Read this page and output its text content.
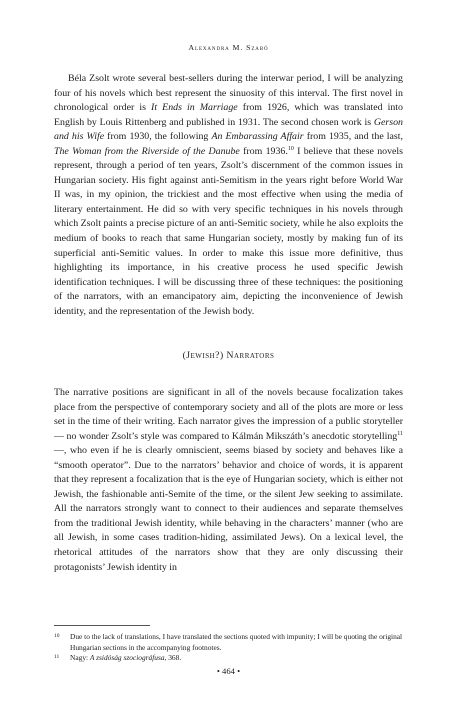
Alexandra M. Szabó

Béla Zsolt wrote several best-sellers during the interwar period, I will be analyzing four of his novels which best represent the sinuosity of this interval. The first novel in chronological order is It Ends in Marriage from 1926, which was translated into English by Louis Rittenberg and published in 1931. The second chosen work is Gerson and his Wife from 1930, the following An Embarassing Affair from 1935, and the last, The Woman from the Riverside of the Danube from 1936.10 I believe that these novels represent, through a period of ten years, Zsolt’s discernment of the common issues in Hungarian society. His fight against anti-Semitism in the years right before World War II was, in my opinion, the trickiest and the most effective when using the media of literary entertainment. He did so with very specific techniques in his novels through which Zsolt paints a precise picture of an anti-Semitic society, while he also exploits the medium of books to reach that same Hungarian society, mostly by making fun of its superficial anti-Semitic values. In order to make this issue more definitive, thus highlighting its importance, in his creative process he used specific Jewish identification techniques. I will be discussing three of these techniques: the positioning of the narrators, with an emancipatory aim, depicting the inconvenience of Jewish identity, and the representation of the Jewish body.

(Jewish?) Narrators

The narrative positions are significant in all of the novels because focalization takes place from the perspective of contemporary society and all of the plots are more or less set in the time of their writing. Each narrator gives the impression of a public storyteller — no wonder Zsolt’s style was compared to Kálmán Mikszáth’s anecdotic storytelling$^{11}$—, who even if he is clearly omniscient, seems biased by society and behaves like a “smooth operator”. Due to the narrators’ behavior and choice of words, it is apparent that they represent a focalization that is the eye of Hungarian society, which is either not Jewish, the fashionable anti-Semite of the time, or the silent Jew seeking to assimilate. All the narrators strongly want to connect to their audiences and separate themselves from the traditional Jewish identity, while behaving in the characters’ manner (who are all Jewish, in some cases tradition-hiding, assimilated Jews). On a lexical level, the rhetorical attitudes of the narrators show that they are only discussing their protagonists’ Jewish identity in

10 Due to the lack of translations, I have translated the sections quoted with impunity; I will be quoting the original Hungarian sections in the accompanying footnotes.
11 Nagy: A zsidóság szociográfusa, 368.
• 464 •
